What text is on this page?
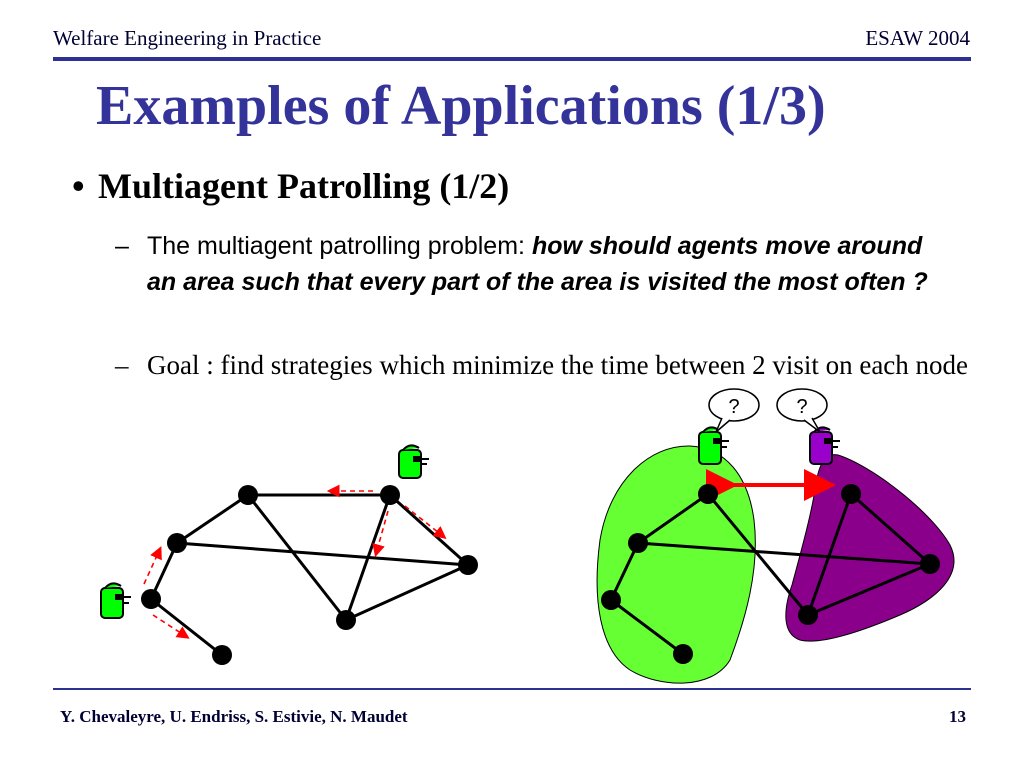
Welfare Engineering in Practice	ESAW 2004
Examples of Applications (1/3)
• Multiagent Patrolling (1/2)
– The multiagent patrolling problem: how should agents move around an area such that every part of the area is visited the most often ?
– Goal : find strategies which minimize the time between 2 visit on each node
?	?
Y. Chevaleyre, U. Endriss, S. Estivie, N. Maudet	13
